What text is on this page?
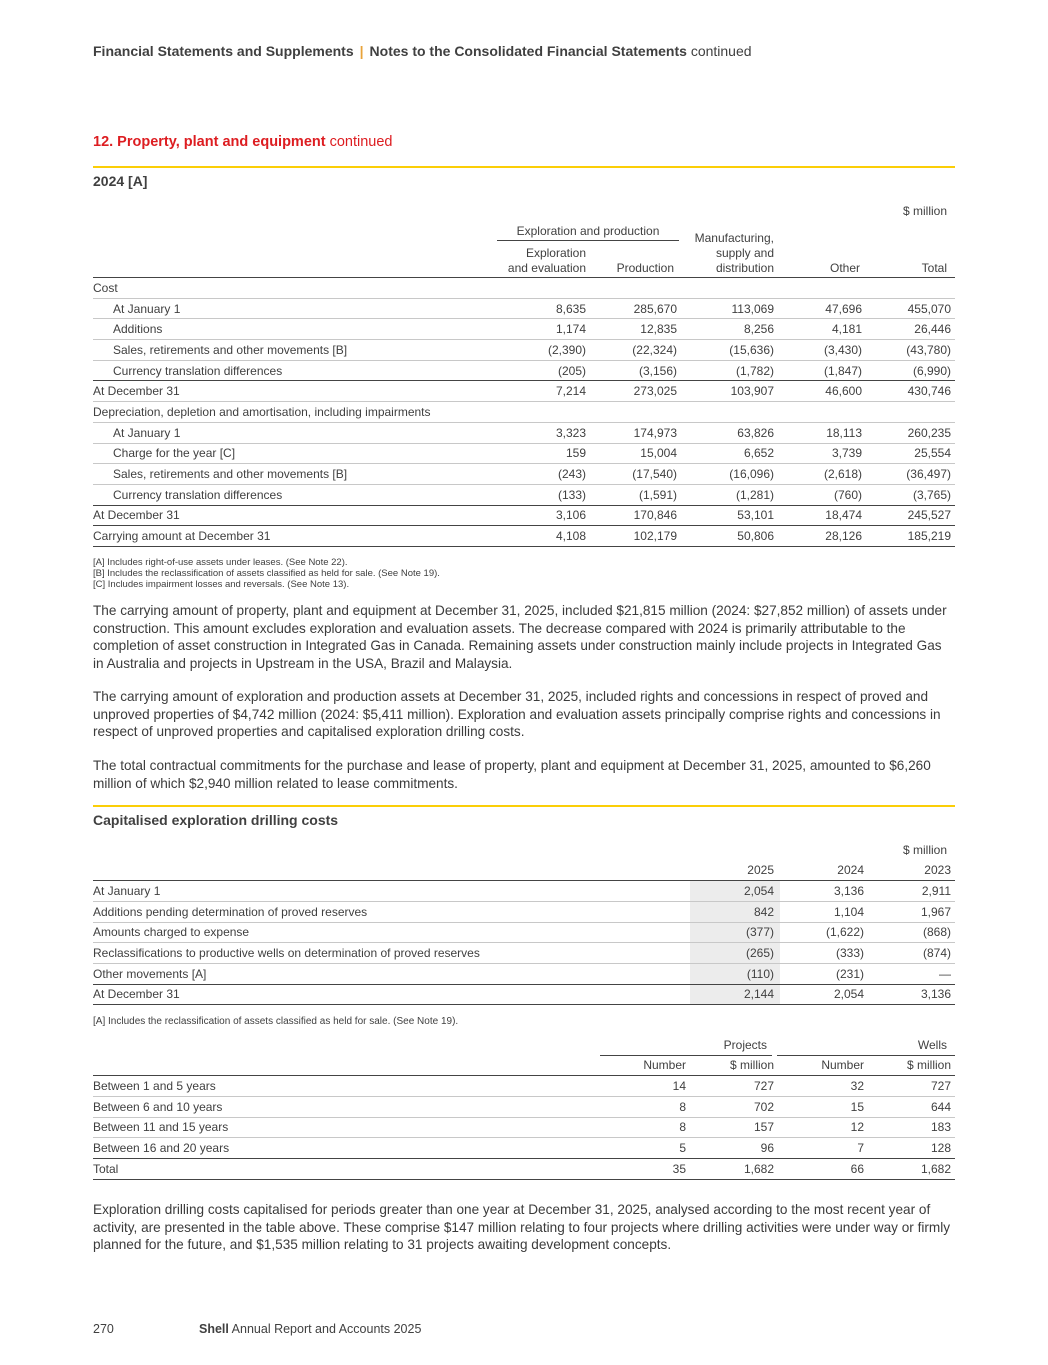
Financial Statements and Supplements | Notes to the Consolidated Financial Statements continued
12. Property, plant and equipment continued
2024 [A]
$ million
Exploration and production
Exploration
and evaluation	Production
Manufacturing,
supply and
distribution	Other	Total
Cost					
At January 1	8,635	285,670	113,069	47,696	455,070
Additions	1,174	12,835	8,256	4,181	26,446
Sales, retirements and other movements [B]	(2,390)	(22,324)	(15,636)	(3,430)	(43,780)
Currency translation differences	(205)	(3,156)	(1,782)	(1,847)	(6,990)
At December 31	7,214	273,025	103,907	46,600	430,746
Depreciation, depletion and amortisation, including impairments					
At January 1	3,323	174,973	63,826	18,113	260,235
Charge for the year [C]	159	15,004	6,652	3,739	25,554
Sales, retirements and other movements [B]	(243)	(17,540)	(16,096)	(2,618)	(36,497)
Currency translation differences	(133)	(1,591)	(1,281)	(760)	(3,765)
At December 31	3,106	170,846	53,101	18,474	245,527
Carrying amount at December 31	4,108	102,179	50,806	28,126	185,219
[A] Includes right-of-use assets under leases. (See Note 22).
[B] Includes the reclassification of assets classified as held for sale. (See Note 19).
[C] Includes impairment losses and reversals. (See Note 13).
The carrying amount of property, plant and equipment at December 31, 2025, included $21,815 million (2024: $27,852 million) of assets under construction. This amount excludes exploration and evaluation assets. The decrease compared with 2024 is primarily attributable to the completion of asset construction in Integrated Gas in Canada. Remaining assets under construction mainly include projects in Integrated Gas in Australia and projects in Upstream in the USA, Brazil and Malaysia.
The carrying amount of exploration and production assets at December 31, 2025, included rights and concessions in respect of proved and unproved properties of $4,742 million (2024: $5,411 million). Exploration and evaluation assets principally comprise rights and concessions in respect of unproved properties and capitalised exploration drilling costs.
The total contractual commitments for the purchase and lease of property, plant and equipment at December 31, 2025, amounted to $6,260 million of which $2,940 million related to lease commitments.
Capitalised exploration drilling costs
$ million
	2025	2024	2023
At January 1	2,054	3,136	2,911
Additions pending determination of proved reserves	842	1,104	1,967
Amounts charged to expense	(377)	(1,622)	(868)
Reclassifications to productive wells on determination of proved reserves	(265)	(333)	(874)
Other movements [A]	(110)	(231)	—
At December 31	2,144	2,054	3,136
[A] Includes the reclassification of assets classified as held for sale. (See Note 19).
Projects	Wells
	Number	$ million	Number	$ million
Between 1 and 5 years	14	727	32	727
Between 6 and 10 years	8	702	15	644
Between 11 and 15 years	8	157	12	183
Between 16 and 20 years	5	96	7	128
Total	35	1,682	66	1,682
Exploration drilling costs capitalised for periods greater than one year at December 31, 2025, analysed according to the most recent year of activity, are presented in the table above. These comprise $147 million relating to four projects where drilling activities were under way or firmly planned for the future, and $1,535 million relating to 31 projects awaiting development concepts.
270	Shell Annual Report and Accounts 2025
